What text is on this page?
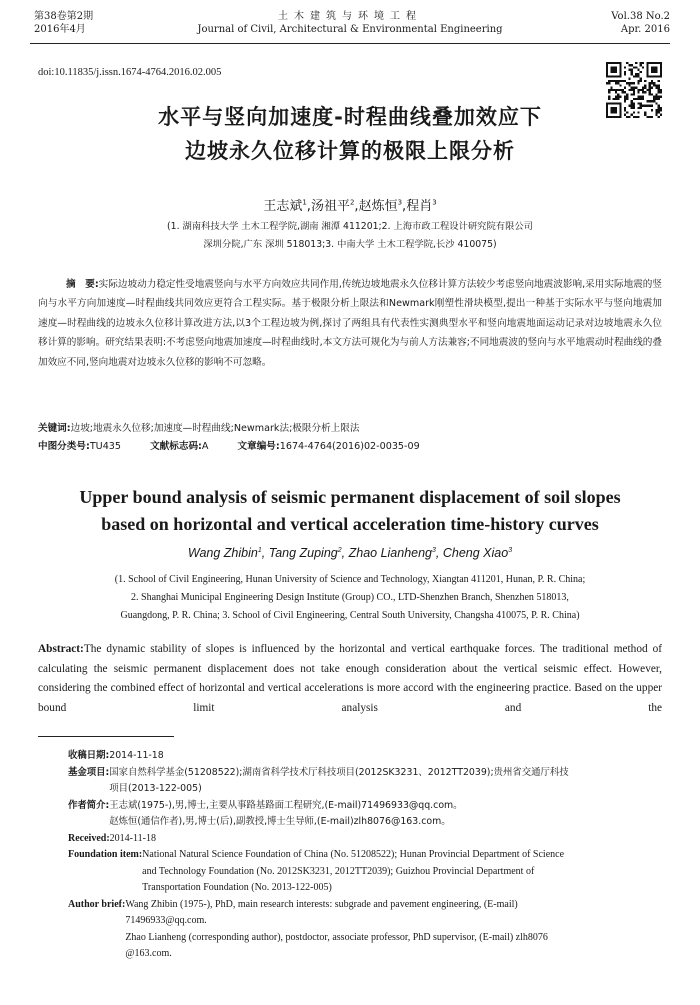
第38卷第2期
2016年4月
土木建筑与环境工程
Journal of Civil, Architectural & Environmental Engineering
Vol.38 No.2
Apr. 2016
doi:10.11835/j.issn.1674-4764.2016.02.005
水平与竖向加速度-时程曲线叠加效应下
边坡永久位移计算的极限上限分析
王志斌$^1$,汤祖平$^2$,赵炼恒$^3$,程肖$^3$
(1. 湖南科技大学 土木工程学院,湖南 湘潭 411201;2. 上海市政工程设计研究院有限公司
深圳分院,广东 深圳 518013;3. 中南大学 土木工程学院,长沙 410075)
摘　要:实际边坡动力稳定性受地震竖向与水平方向效应共同作用,传统边坡地震永久位移计算方法较少考虑竖向地震波影响,采用实际地震的竖向与水平方向加速度—时程曲线共同效应更符合工程实际。基于极限分析上限法和Newmark刚塑性滑块模型,提出一种基于实际水平与竖向地震加速度—时程曲线的边坡永久位移计算改进方法,以3个工程边坡为例,探讨了两组具有代表性实测典型水平和竖向地震地面运动记录对边坡地震永久位移计算的影响。研究结果表明:不考虑竖向地震加速度—时程曲线时,本文方法可规化为与前人方法兼容;不同地震波的竖向与水平地震动时程曲线的叠加效应不同,竖向地震对边坡永久位移的影响不可忽略。
关键词:边坡;地震永久位移;加速度—时程曲线;Newmark法;极限分析上限法
中图分类号:TU435	文献标志码:A	文章编号:1674-4764(2016)02-0035-09
Upper bound analysis of seismic permanent displacement of soil slopes
based on horizontal and vertical acceleration time-history curves
Wang Zhibin$^1$, Tang Zuping$^2$, Zhao Lianheng$^3$, Cheng Xiao$^3$
(1. School of Civil Engineering, Hunan University of Science and Technology, Xiangtan 411201, Hunan, P. R. China;
2. Shanghai Municipal Engineering Design Institute (Group) CO., LTD-Shenzhen Branch, Shenzhen 518013,
Guangdong, P. R. China; 3. School of Civil Engineering, Central South University, Changsha 410075, P. R. China)
Abstract:The dynamic stability of slopes is influenced by the horizontal and vertical earthquake forces. The traditional method of calculating the seismic permanent displacement does not take enough consideration about the vertical seismic effect. However, considering the combined effect of horizontal and vertical accelerations is more accord with the engineering practice. Based on the upper bound limit analysis and the
收稿日期: 2014-11-18
基金项目: 国家自然科学基金(51208522);湖南省科学技术厅科技项目(2012SK3231、2012TT2039);贵州省交通厅科技
项目(2013-122-005)
作者简介: 王志斌(1975-),男,博士,主要从事路基路面工程研究,(E-mail)71496933@qq.com。
赵炼恒(通信作者),男,博士(后),副教授,博士生导师,(E-mail)zlh8076@163.com。
Received: 2014-11-18
Foundation item: National Natural Science Foundation of China (No. 51208522); Hunan Provincial Department of Science
and Technology Foundation (No. 2012SK3231, 2012TT2039); Guizhou Provincial Department of
Transportation Foundation (No. 2013-122-005)
Author brief: Wang Zhibin (1975-), PhD, main research interests: subgrade and pavement engineering, (E-mail)
71496933@qq.com.
Zhao Lianheng (corresponding author), postdoctor, associate professor, PhD supervisor, (E-mail) zlh8076
@163.com.
